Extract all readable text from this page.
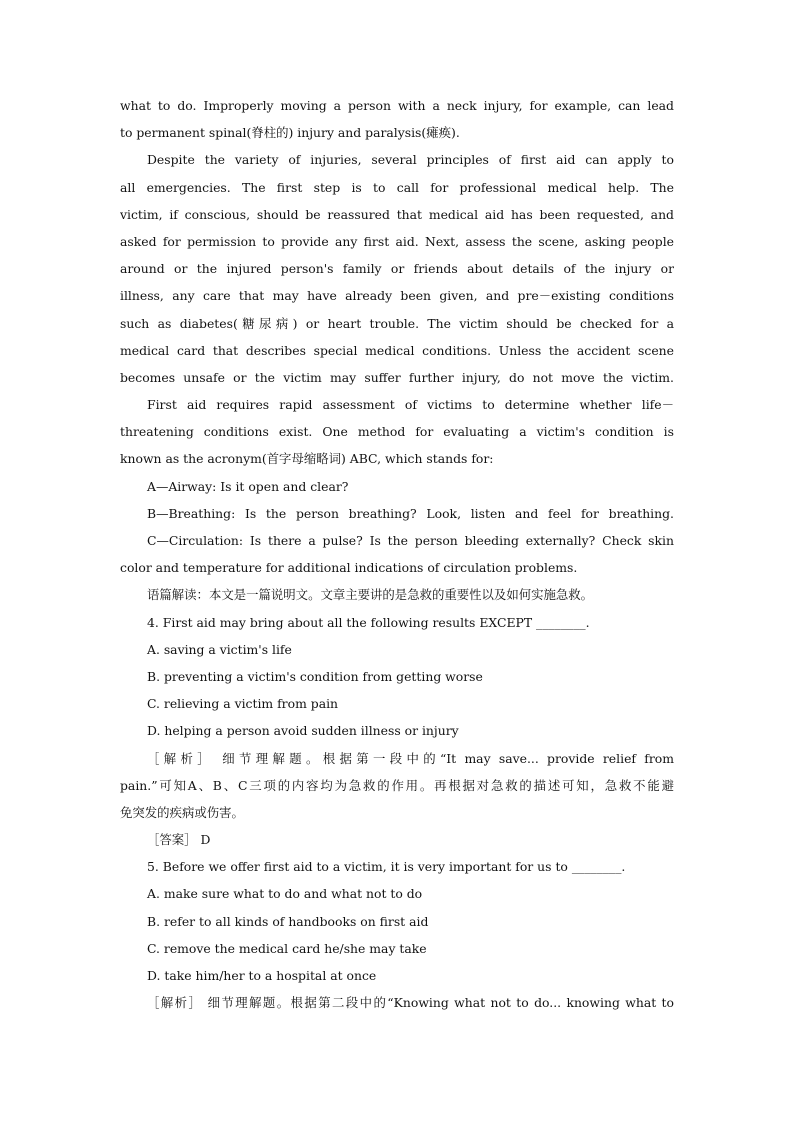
what to do. Improperly moving a person with a neck injury, for example, can lead
to permanent spinal(脊柱的) injury and paralysis(瘫痪).
Despite the variety of injuries, several principles of first aid can apply to
all emergencies. The first step is to call for professional medical help. The
victim, if conscious, should be reassured that medical aid has been requested, and
asked for permission to provide any first aid. Next, assess the scene, asking people
around or the injured person's family or friends about details of the injury or
illness, any care that may have already been given, and pre－existing conditions
such as diabetes(糖尿病) or heart trouble. The victim should be checked for a
medical card that describes special medical conditions. Unless the accident scene
becomes unsafe or the victim may suffer further injury, do not move the victim.
First aid requires rapid assessment of victims to determine whether life－
threatening conditions exist. One method for evaluating a victim's condition is
known as the acronym(首字母缩略词) ABC, which stands for:
A—Airway: Is it open and clear?
B—Breathing: Is the person breathing? Look, listen and feel for breathing.
C—Circulation: Is there a pulse? Is the person bleeding externally? Check skin
color and temperature for additional indications of circulation problems.
语篇解读：本文是一篇说明文。文章主要讲的是急救的重要性以及如何实施急救。
4. First aid may bring about all the following results EXCEPT ________.
A. saving a victim's life
B. preventing a victim's condition from getting worse
C. relieving a victim from pain
D. helping a person avoid sudden illness or injury
［解析］ 细节理解题。根据第一段中的“It may save... provide relief from
pain.”可知A、B、C三项的内容均为急救的作用。再根据对急救的描述可知，急救不能避
免突发的疾病或伤害。
［答案］ D
5. Before we offer first aid to a victim, it is very important for us to ________.
A. make sure what to do and what not to do
B. refer to all kinds of handbooks on first aid
C. remove the medical card he/she may take
D. take him/her to a hospital at once
［解析］ 细节理解题。根据第二段中的“Knowing what not to do... knowing what to
